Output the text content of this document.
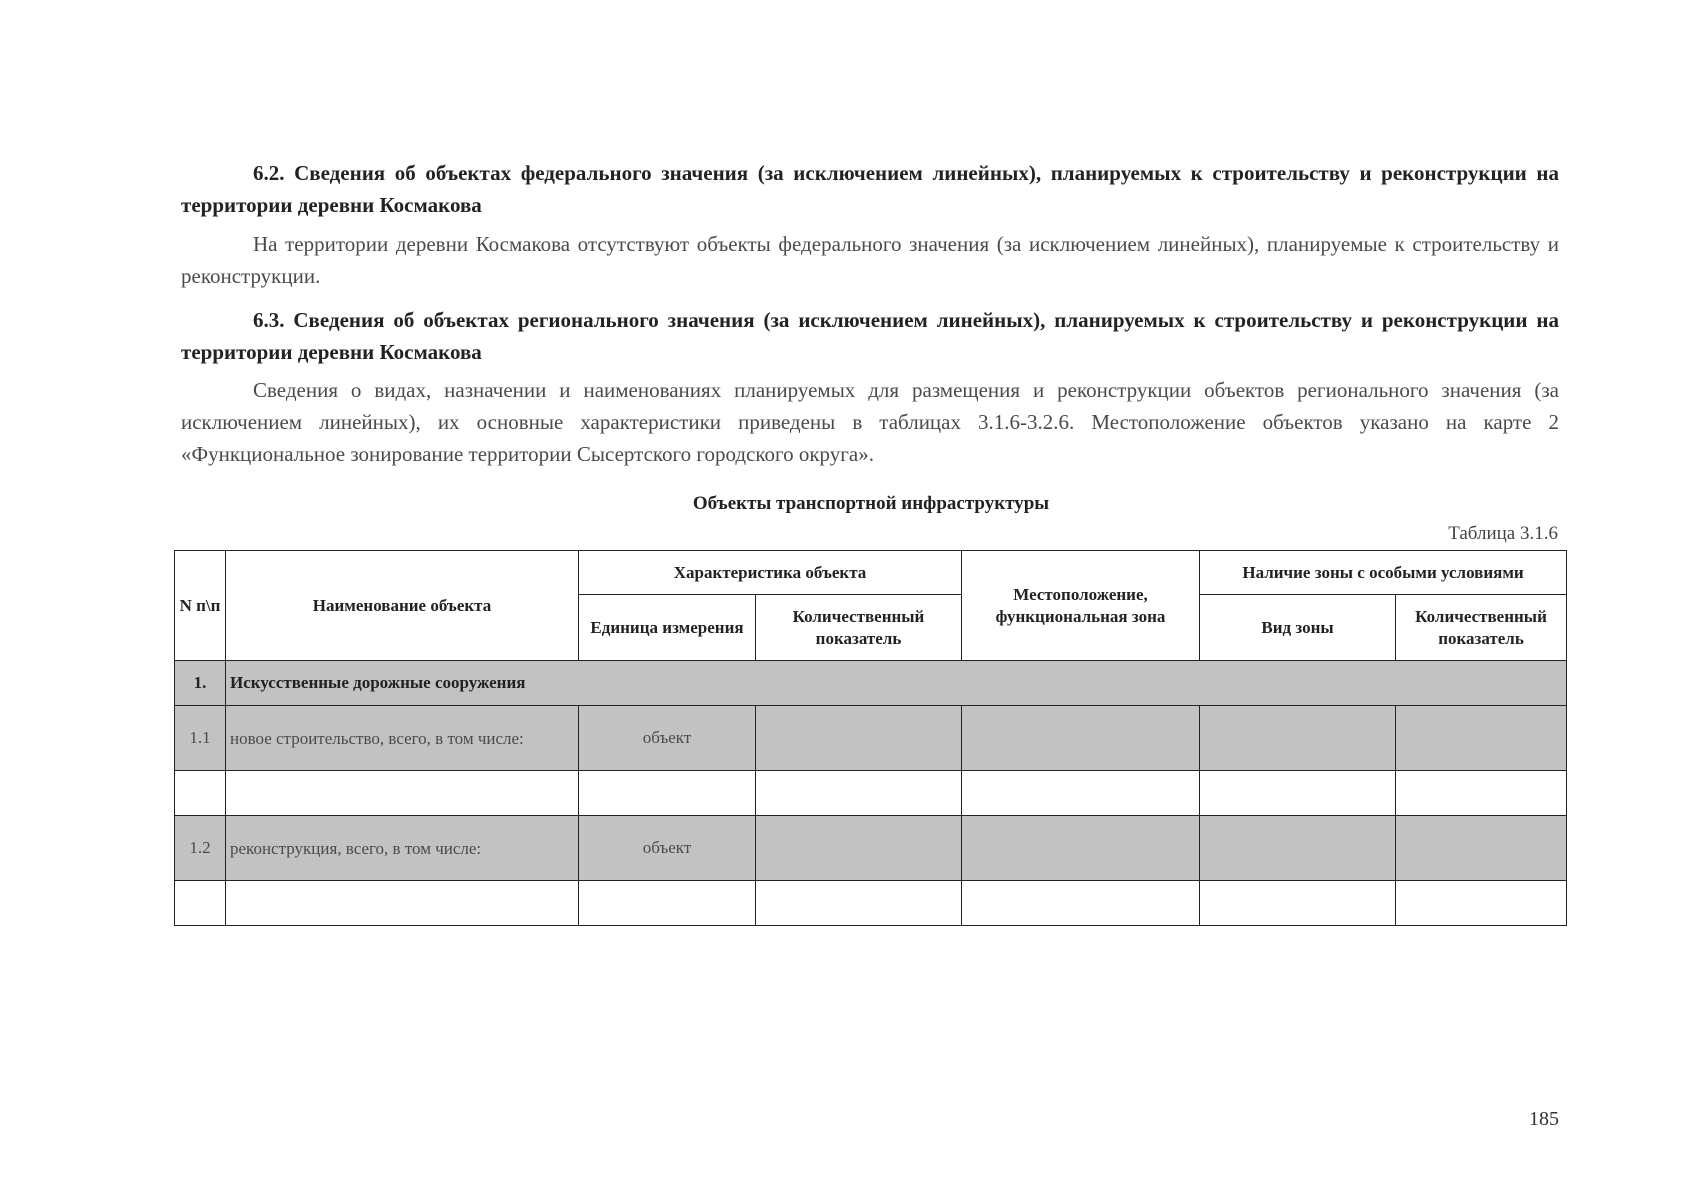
6.2. Сведения об объектах федерального значения (за исключением линейных), планируемых к строительству и реконструкции на территории деревни Космакова

На территории деревни Космакова отсутствуют объекты федерального значения (за исключением линейных), планируемые к строительству и реконструкции.

6.3. Сведения об объектах регионального значения (за исключением линейных), планируемых к строительству и реконструкции на территории деревни Космакова

Сведения о видах, назначении и наименованиях планируемых для размещения и реконструкции объектов регионального значения (за исключением линейных), их основные характеристики приведены в таблицах 3.1.6-3.2.6. Местоположение объектов указано на карте 2 «Функциональное зонирование территории Сысертского городского округа».

Объекты транспортной инфраструктуры
Таблица 3.1.6
N п\п	Наименование объекта	Характеристика объекта		Местоположение, функциональная зона	Наличие зоны с особыми условиями	
		Единица измерения	Количественный показатель		Вид зоны	Количественный показатель
1.	Искусственные дорожные сооружения					
1.1	новое строительство, всего, в том числе:	объект				

1.2	реконструкция, всего, в том числе:	объект				

185
